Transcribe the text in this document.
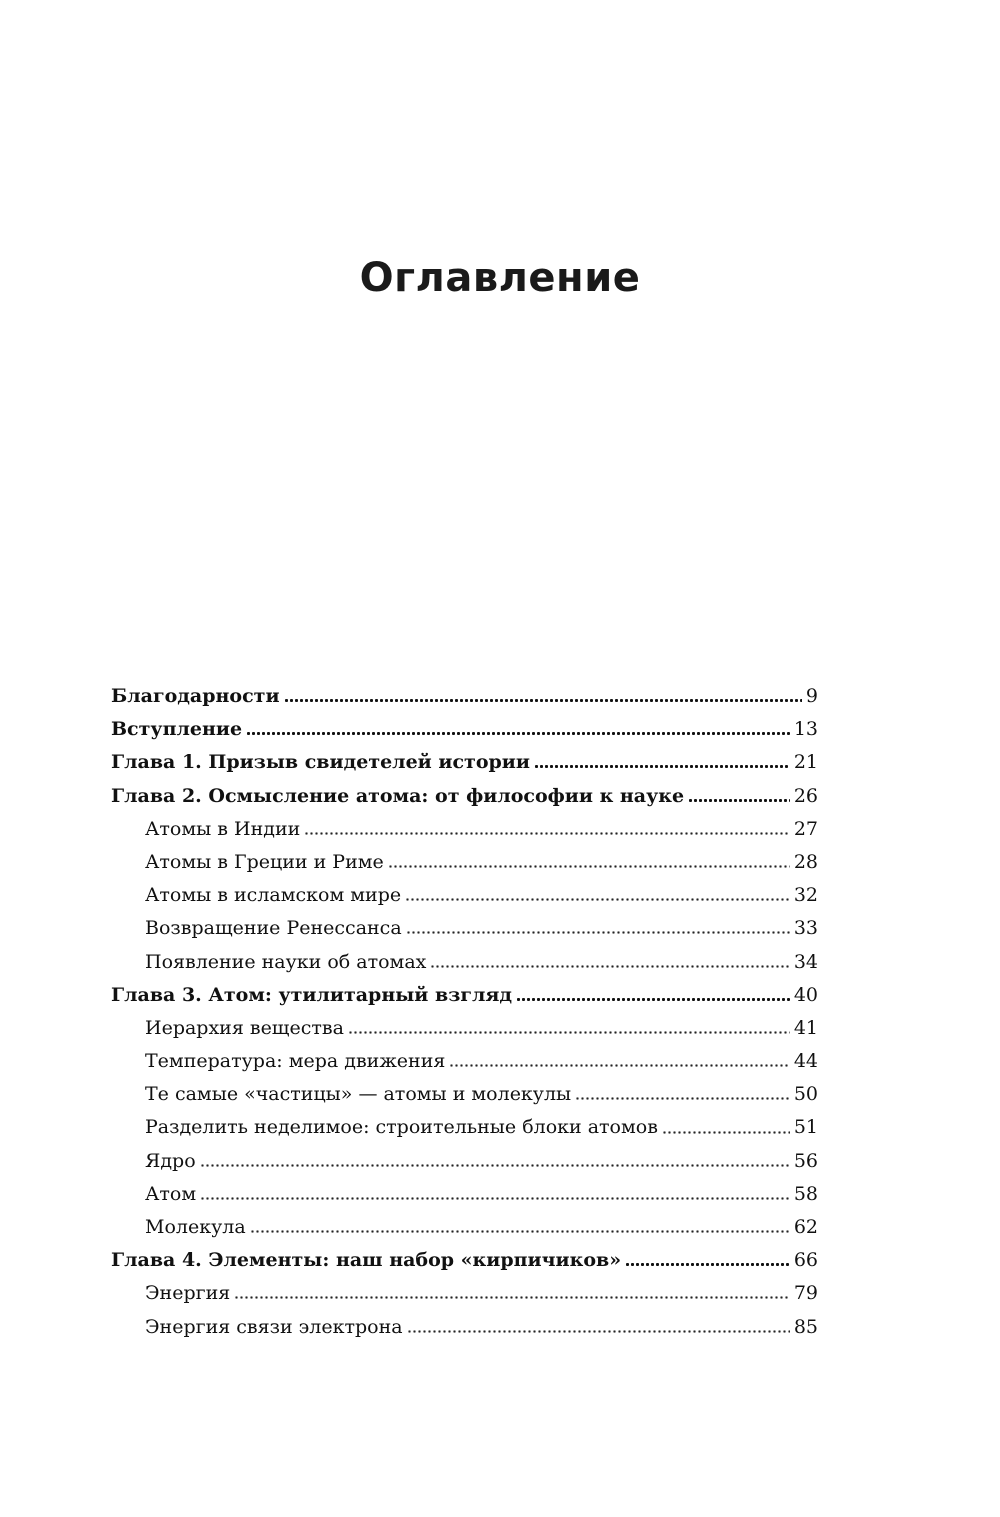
Оглавление
Благодарности	9
Вступление	13
Глава 1. Призыв свидетелей истории	21
Глава 2. Осмысление атома: от философии к науке	26
Атомы в Индии	27
Атомы в Греции и Риме	28
Атомы в исламском мире	32
Возвращение Ренессанса	33
Появление науки об атомах	34
Глава 3. Атом: утилитарный взгляд	40
Иерархия вещества	41
Температура: мера движения	44
Те самые «частицы» — атомы и молекулы	50
Разделить неделимое: строительные блоки атомов	51
Ядро	56
Атом	58
Молекула	62
Глава 4. Элементы: наш набор «кирпичиков»	66
Энергия	79
Энергия связи электрона	85
